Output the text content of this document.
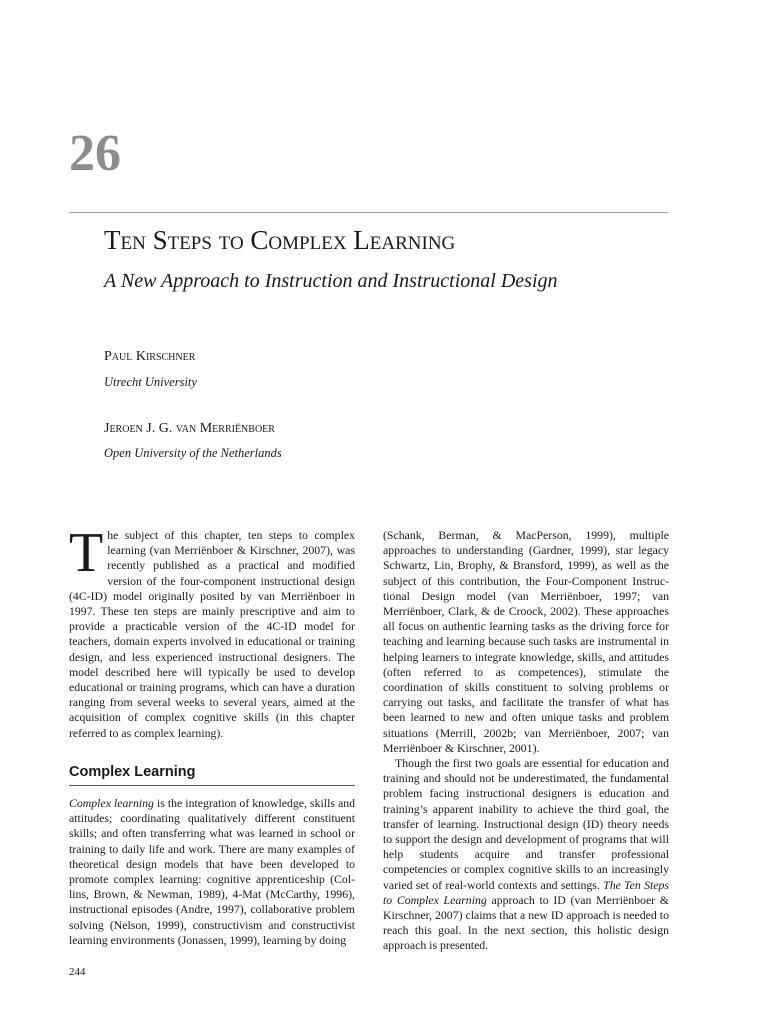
26
Ten Steps to Complex Learning
A New Approach to Instruction and Instructional Design
Paul Kirschner
Utrecht University
Jeroen J. G. van Merriënboer
Open University of the Netherlands

The subject of this chapter, ten steps to complex learning (van Merriënboer & Kirschner, 2007), was recently published as a practical and modified version of the four-component instructional design (4C-ID) model originally posited by van Merriënboer in 1997. These ten steps are mainly prescriptive and aim to provide a practicable version of the 4C-ID model for teachers, domain experts involved in educational or training design, and less experienced instructional designers. The model described here will typically be used to develop educational or training programs, which can have a duration ranging from several weeks to several years, aimed at the acquisition of complex cognitive skills (in this chapter referred to as complex learning).

Complex Learning

Complex learning is the integration of knowledge, skills and attitudes; coordinating qualitatively different constituent skills; and often transferring what was learned in school or training to daily life and work. There are many examples of theoretical design models that have been developed to promote complex learning: cognitive apprenticeship (Collins, Brown, & Newman, 1989), 4-Mat (McCarthy, 1996), instructional episodes (Andre, 1997), collaborative problem solving (Nelson, 1999), constructivism and constructivist learning environments (Jonassen, 1999), learning by doing

(Schank, Berman, & MacPerson, 1999), multiple approaches to understanding (Gardner, 1999), star legacy Schwartz, Lin, Brophy, & Bransford, 1999), as well as the subject of this contribution, the Four-Component Instructional Design model (van Merriënboer, 1997; van Merriënboer, Clark, & de Croock, 2002). These approaches all focus on authentic learning tasks as the driving force for teaching and learning because such tasks are instrumental in helping learners to integrate knowledge, skills, and attitudes (often referred to as competences), stimulate the coordination of skills constituent to solving problems or carrying out tasks, and facilitate the transfer of what has been learned to new and often unique tasks and problem situations (Merrill, 2002b; van Merriënboer, 2007; van Merriënboer & Kirschner, 2001).

Though the first two goals are essential for education and training and should not be underestimated, the fundamental problem facing instructional designers is education and training’s apparent inability to achieve the third goal, the transfer of learning. Instructional design (ID) theory needs to support the design and development of programs that will help students acquire and transfer professional competencies or complex cognitive skills to an increasingly varied set of real-world contexts and settings. The Ten Steps to Complex Learning approach to ID (van Merriënboer & Kirschner, 2007) claims that a new ID approach is needed to reach this goal. In the next section, this holistic design approach is presented.

244
